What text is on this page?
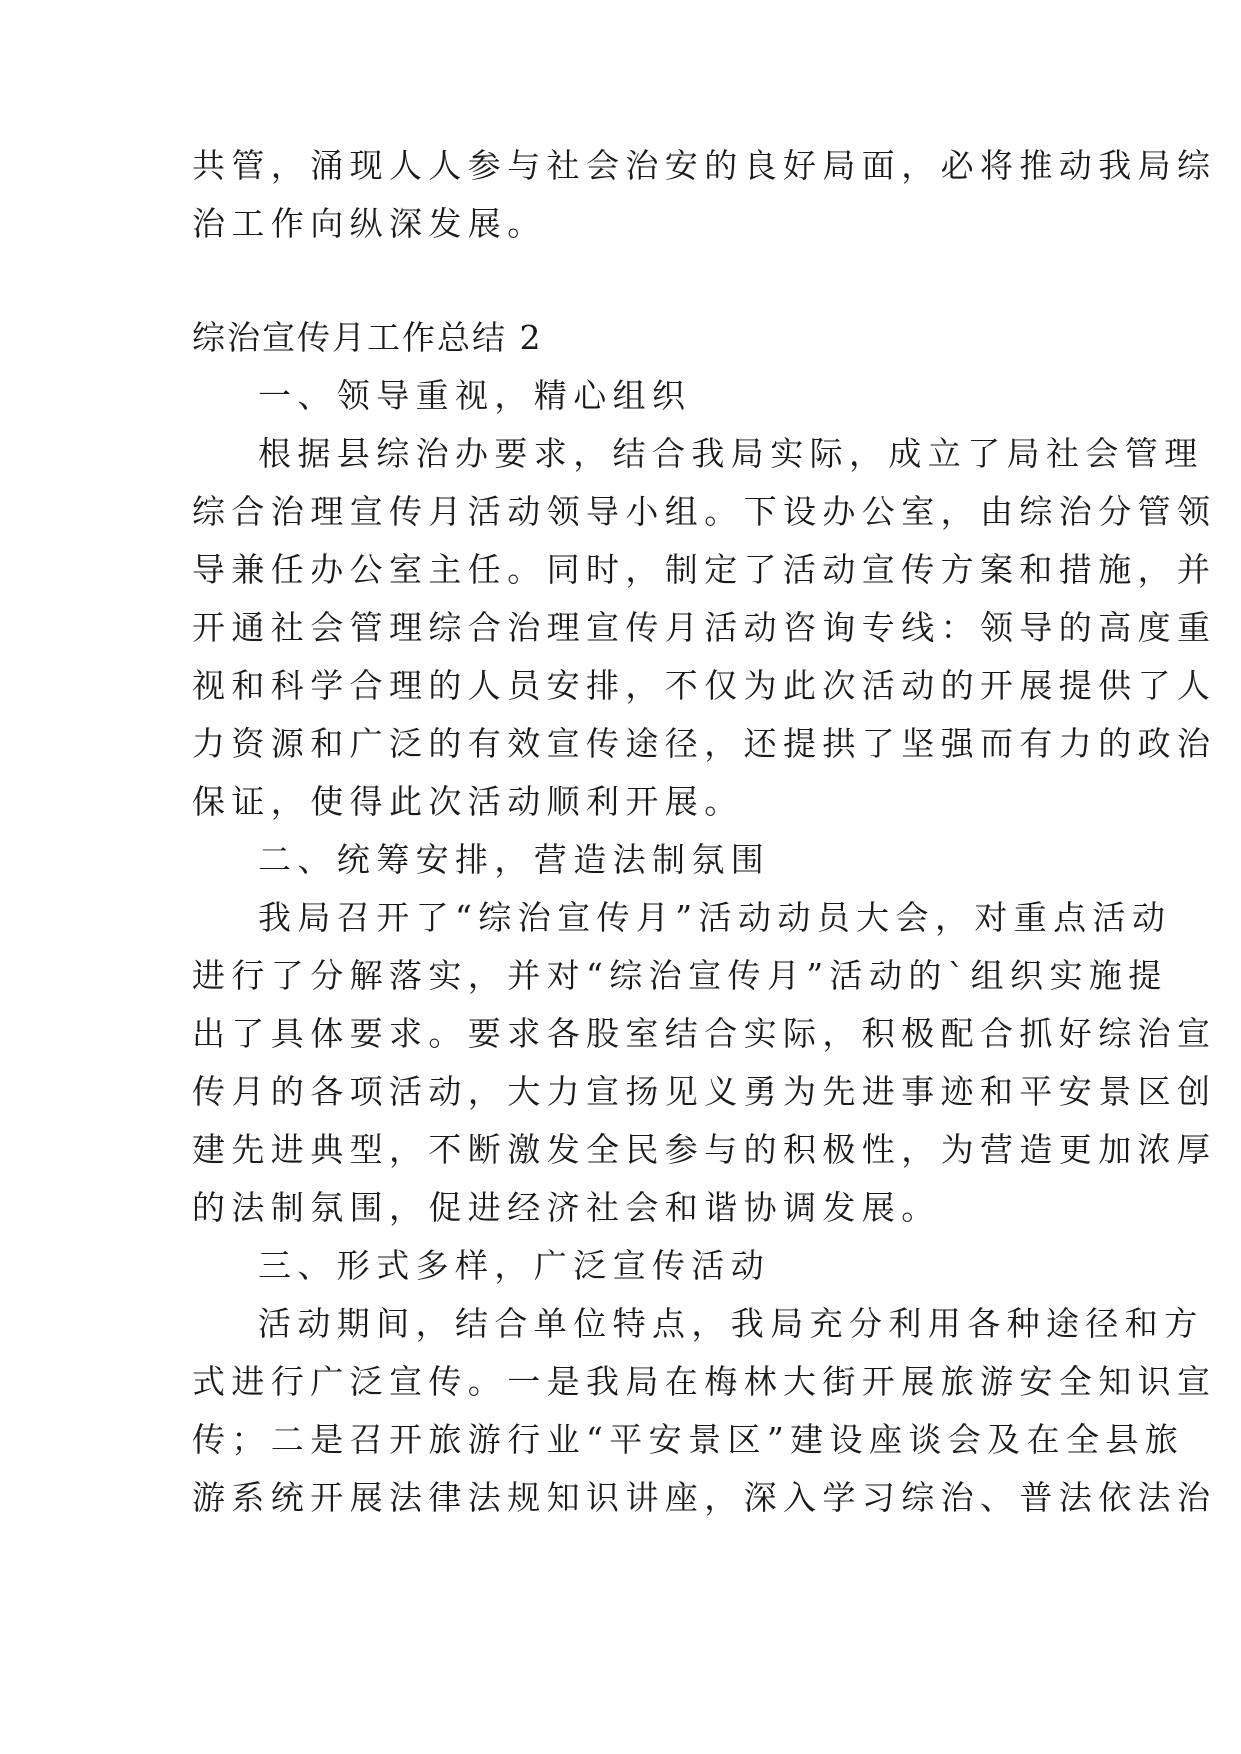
共管，涌现人人参与社会治安的良好局面，必将推动我局综
治工作向纵深发展。
综治宣传月工作总结 2
一、领导重视，精心组织
根据县综治办要求，结合我局实际，成立了局社会管理
综合治理宣传月活动领导小组。下设办公室，由综治分管领
导兼任办公室主任。同时，制定了活动宣传方案和措施，并
开通社会管理综合治理宣传月活动咨询专线：领导的高度重
视和科学合理的人员安排，不仅为此次活动的开展提供了人
力资源和广泛的有效宣传途径，还提拱了坚强而有力的政治
保证，使得此次活动顺利开展。
二、统筹安排，营造法制氛围
我局召开了“综治宣传月”活动动员大会，对重点活动
进行了分解落实，并对“综治宣传月”活动的`组织实施提
出了具体要求。要求各股室结合实际，积极配合抓好综治宣
传月的各项活动，大力宣扬见义勇为先进事迹和平安景区创
建先进典型，不断激发全民参与的积极性，为营造更加浓厚
的法制氛围，促进经济社会和谐协调发展。
三、形式多样，广泛宣传活动
活动期间，结合单位特点，我局充分利用各种途径和方
式进行广泛宣传。一是我局在梅林大街开展旅游安全知识宣
传；二是召开旅游行业“平安景区”建设座谈会及在全县旅
游系统开展法律法规知识讲座，深入学习综治、普法依法治
